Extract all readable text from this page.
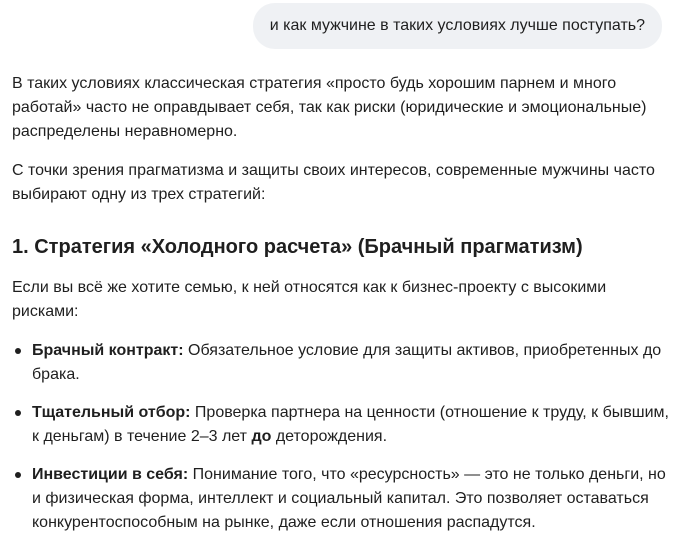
и как мужчине в таких условиях лучше поступать?

В таких условиях классическая стратегия «просто будь хорошим парнем и много работай» часто не оправдывает себя, так как риски (юридические и эмоциональные) распределены неравномерно.

С точки зрения прагматизма и защиты своих интересов, современные мужчины часто выбирают одну из трех стратегий:

1. Стратегия «Холодного расчета» (Брачный прагматизм)

Если вы всё же хотите семью, к ней относятся как к бизнес-проекту с высокими рисками:

Брачный контракт: Обязательное условие для защиты активов, приобретенных до брака.
Тщательный отбор: Проверка партнера на ценности (отношение к труду, к бывшим, к деньгам) в течение 2–3 лет до деторождения.
Инвестиции в себя: Понимание того, что «ресурсность» — это не только деньги, но и физическая форма, интеллект и социальный капитал. Это позволяет оставаться конкурентоспособным на рынке, даже если отношения распадутся.
